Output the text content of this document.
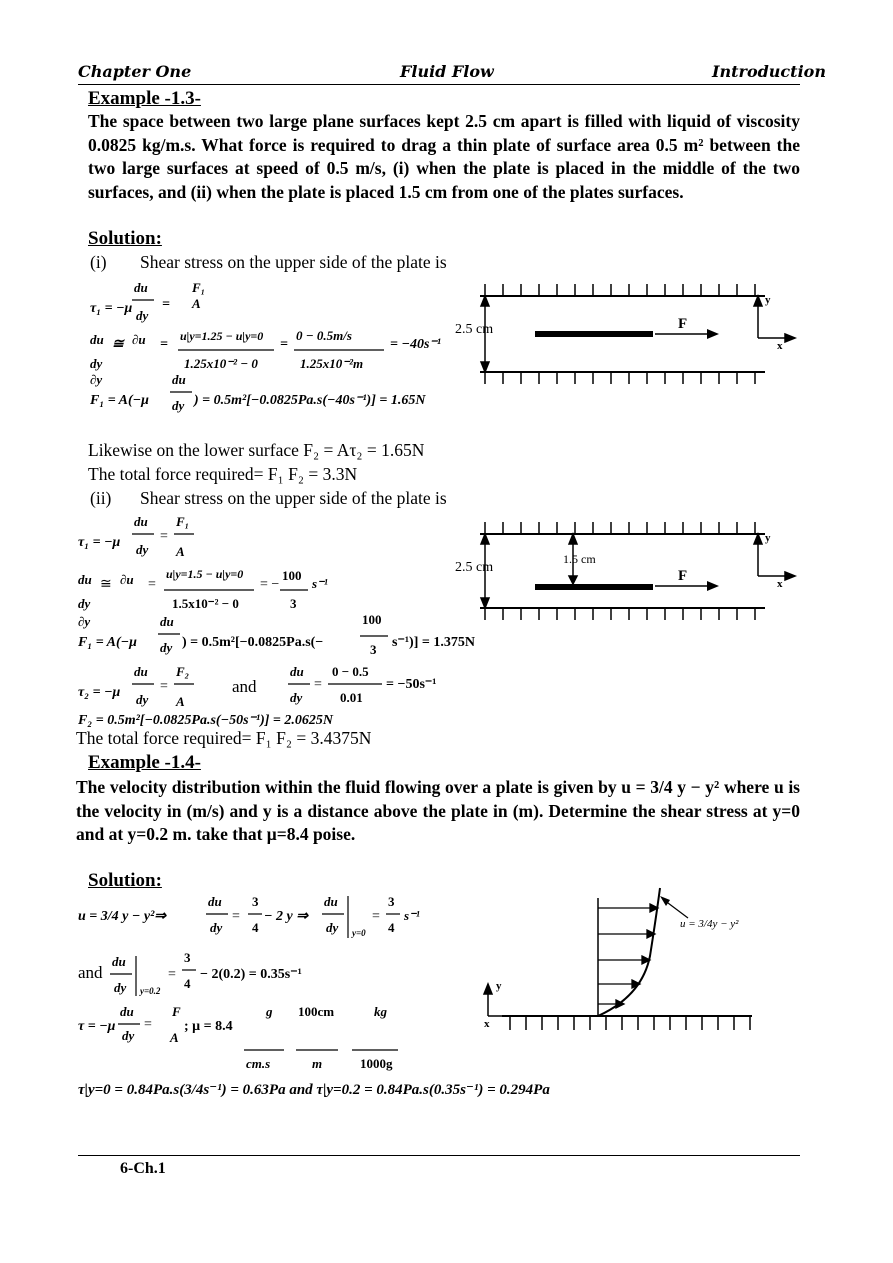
Chapter One	Fluid Flow	Introduction
Example -1.3-
The space between two large plane surfaces kept 2.5 cm apart is filled with liquid of viscosity 0.0825 kg/m.s. What force is required to drag a thin plate of surface area 0.5 m² between the two large surfaces at speed of 0.5 m/s, (i) when the plate is placed in the middle of the two surfaces, and (ii) when the plate is placed 1.5 cm from one of the plates surfaces.
Solution:
(i) Shear stress on the upper side of the plate is
du	F₁
τ₁ = −μ dy
= A
du ≅ ∂u =
u|y=1.25 − u|y=0
1.25x10⁻² − 0
=
0 − 0.5m/s
1.25x10⁻²m
= −40s⁻¹
dy
∂y	du
F₁ = A(−μ dy ) = 0.5m²[−0.0825Pa.s(−40s⁻¹)] = 1.65N
Likewise on the lower surface F₂ = Aτ₂ = 1.65N
The total force required= F₁ F₂ = 3.3N
(ii) Shear stress on the upper side of the plate is
du F₁
τ₁ = −μ dy
=
A
du ≅ ∂u =
u|y=1.5 − u|y=0
1.5x10⁻² − 0
= −
100
3
s⁻¹
dy
∂y	du	100
F₁ = A(−μ dy ) = 0.5m²[−0.0825Pa.s(−	3 s⁻¹)] = 1.375N
du F₂
τ₂ = −μ dy
=
A
and
du
dy
=
0 − 0.5
0.01
= −50s⁻¹
F₂ = 0.5m²[−0.0825Pa.s(−50s⁻¹)] = 2.0625N
The total force required= F₁ F₂ = 3.4375N
2.5 cm	F
y
x
2.5 cm
1.5 cm
F
y
x
Example -1.4-
The velocity distribution within the fluid flowing over a plate is given by u = 3/4 y − y² where u is the velocity in (m/s) and y is a distance above the plate in (m). Determine the shear stress at y=0 and at y=0.2 m. take that μ=8.4 poise.
Solution:
du 3
u = 3/4 y − y²⇒
dy
=
4
− 2 y ⇒
du
dy y=0
=
3
4
s⁻¹
and
du
dy y=0.2
=
3
4
− 2(0.2) = 0.35s⁻¹
du	F
τ = −μ
dy
=
A
; μ = 8.4
g
cm.s
100cm
m
kg
1000g
τ|y=0 = 0.84Pa.s(3/4s⁻¹) = 0.63Pa and τ|y=0.2 = 0.84Pa.s(0.35s⁻¹) = 0.294Pa
u = 3/4y − y²
y
x
6-Ch.1
